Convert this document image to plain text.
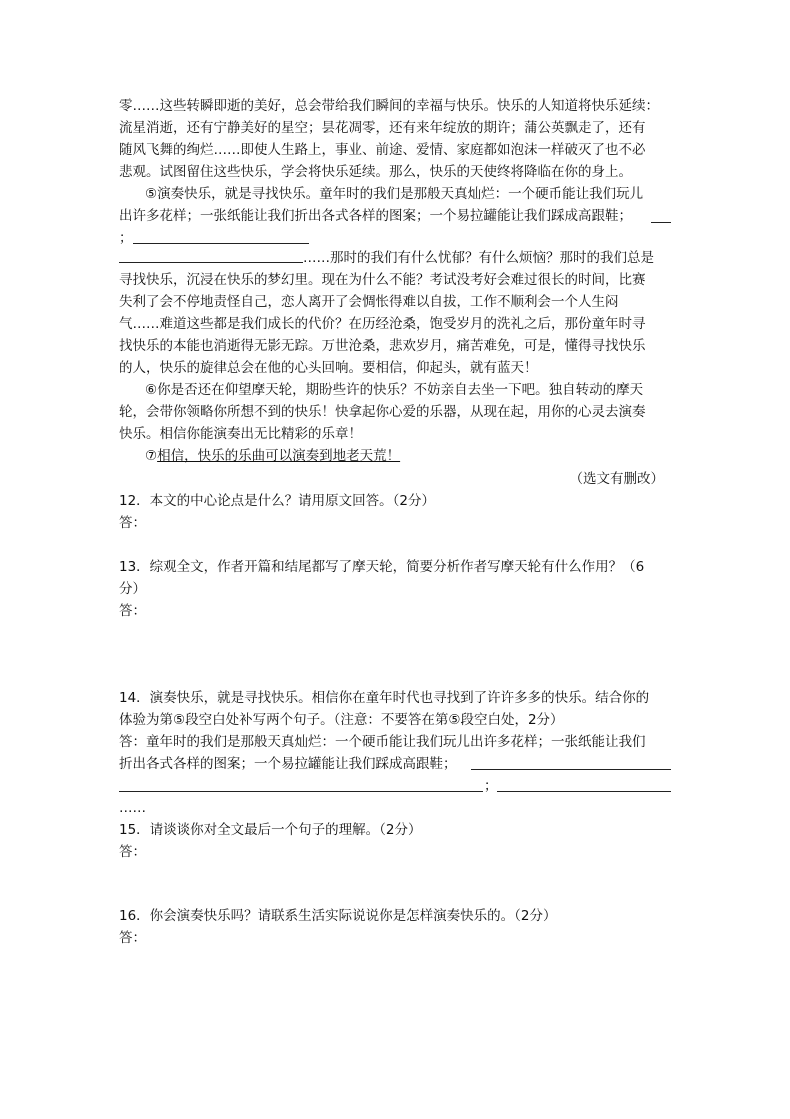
零……这些转瞬即逝的美好，总会带给我们瞬间的幸福与快乐。快乐的人知道将快乐延续：
流星消逝，还有宁静美好的星空；昙花凋零，还有来年绽放的期许；蒲公英飘走了，还有
随风飞舞的绚烂……即使人生路上，事业、前途、爱情、家庭都如泡沫一样破灭了也不必
悲观。试图留住这些快乐，学会将快乐延续。那么，快乐的天使终将降临在你的身上。
⑤演奏快乐，就是寻找快乐。童年时的我们是那般天真灿烂：一个硬币能让我们玩儿
出许多花样；一张纸能让我们折出各式各样的图案；一个易拉罐能让我们踩成高跟鞋；
；
……那时的我们有什么忧郁？有什么烦恼？那时的我们总是
寻找快乐，沉浸在快乐的梦幻里。现在为什么不能？考试没考好会难过很长的时间，比赛
失利了会不停地责怪自己，恋人离开了会惆怅得难以自拔，工作不顺利会一个人生闷
气……难道这些都是我们成长的代价？在历经沧桑，饱受岁月的洗礼之后，那份童年时寻
找快乐的本能也消逝得无影无踪。万世沧桑，悲欢岁月，痛苦难免，可是，懂得寻找快乐
的人，快乐的旋律总会在他的心头回响。要相信，仰起头，就有蓝天！
⑥你是否还在仰望摩天轮，期盼些许的快乐？不妨亲自去坐一下吧。独自转动的摩天
轮，会带你领略你所想不到的快乐！快拿起你心爱的乐器，从现在起，用你的心灵去演奏
快乐。相信你能演奏出无比精彩的乐章！
⑦相信，快乐的乐曲可以演奏到地老天荒！
（选文有删改）
12．本文的中心论点是什么？请用原文回答。（2分）
答：
13．综观全文，作者开篇和结尾都写了摩天轮，简要分析作者写摩天轮有什么作用？（6
分）
答：
14．演奏快乐，就是寻找快乐。相信你在童年时代也寻找到了许许多多的快乐。结合你的
体验为第⑤段空白处补写两个句子。（注意：不要答在第⑤段空白处，2分）
答：童年时的我们是那般天真灿烂：一个硬币能让我们玩儿出许多花样；一张纸能让我们
折出各式各样的图案；一个易拉罐能让我们踩成高跟鞋；
；
……
15．请谈谈你对全文最后一个句子的理解。（2分）
答：
16．你会演奏快乐吗？请联系生活实际说说你是怎样演奏快乐的。（2分）
答：
